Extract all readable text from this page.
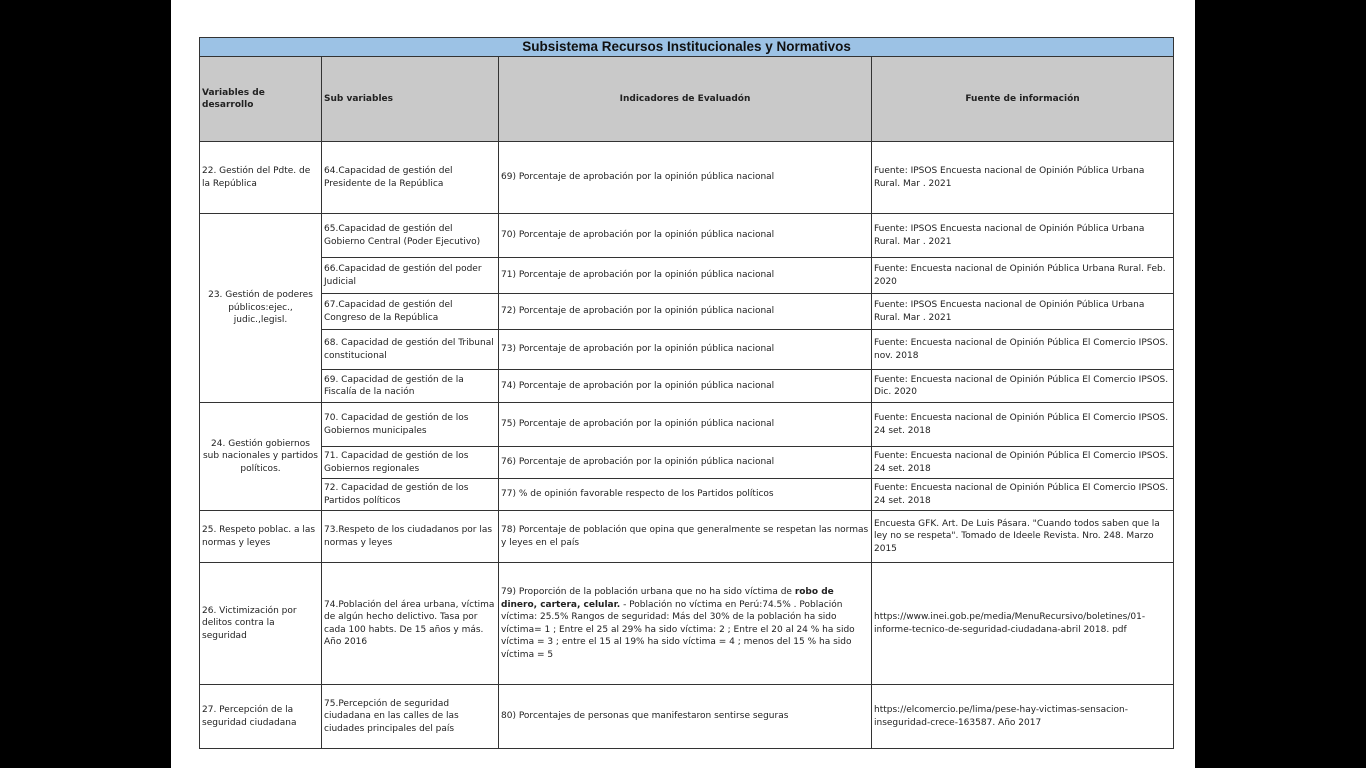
Subsistema Recursos Institucionales y Normativos			
Variables de desarrollo	Sub variables	Indicadores de Evaluadón	Fuente de información
22. Gestión del Pdte. de la República	64.Capacidad de gestión del Presidente de la República	69) Porcentaje de aprobación por la opinión pública nacional	Fuente: IPSOS Encuesta nacional de Opinión Pública Urbana Rural. Mar . 2021
23. Gestión de poderes públicos:ejec., judic.,legisl.	65.Capacidad de gestión del Gobierno Central (Poder Ejecutivo)	70) Porcentaje de aprobación por la opinión pública nacional	Fuente: IPSOS Encuesta nacional de Opinión Pública Urbana Rural. Mar . 2021
	66.Capacidad de gestión del poder Judicial	71) Porcentaje de aprobación por la opinión pública nacional	Fuente: Encuesta nacional de Opinión Pública Urbana Rural. Feb. 2020
	67.Capacidad de gestión del Congreso de la República	72) Porcentaje de aprobación por la opinión pública nacional	Fuente: IPSOS Encuesta nacional de Opinión Pública Urbana Rural. Mar . 2021
	68. Capacidad de gestión del Tribunal constitucional	73) Porcentaje de aprobación por la opinión pública nacional	Fuente: Encuesta nacional de Opinión Pública El Comercio IPSOS. nov. 2018
	69. Capacidad de gestión de la Fiscalía de la nación	74) Porcentaje de aprobación por la opinión pública nacional	Fuente: Encuesta nacional de Opinión Pública El Comercio IPSOS. Dic. 2020
24. Gestión gobiernos sub nacionales y partidos políticos.	70. Capacidad de gestión de los Gobiernos municipales	75) Porcentaje de aprobación por la opinión pública nacional	Fuente: Encuesta nacional de Opinión Pública El Comercio IPSOS. 24 set. 2018
	71. Capacidad de gestión de los Gobiernos regionales	76) Porcentaje de aprobación por la opinión pública nacional	Fuente: Encuesta nacional de Opinión Pública El Comercio IPSOS. 24 set. 2018
	72. Capacidad de gestión de los Partidos políticos	77) % de opinión favorable respecto de los Partidos políticos	Fuente: Encuesta nacional de Opinión Pública El Comercio IPSOS. 24 set. 2018
25. Respeto poblac. a las normas y leyes	73.Respeto de los ciudadanos por las normas y leyes	78) Porcentaje de población que opina que generalmente se respetan las normas y leyes en el país	Encuesta GFK. Art. De Luis Pásara. "Cuando todos saben que la ley no se respeta". Tomado de Ideele Revista. Nro. 248. Marzo 2015
26. Victimización por delitos contra la seguridad	74.Población del área urbana, víctima de algún hecho delictivo. Tasa por cada 100 habts. De 15 años y más. Año 2016	79) Proporción de la población urbana que no ha sido víctima de robo de dinero, cartera, celular. - Población no víctima en Perú:74.5% . Población víctima: 25.5% Rangos de seguridad: Más del 30% de la población ha sido víctima= 1 ; Entre el 25 al 29% ha sido víctima: 2 ; Entre el 20 al 24 % ha sido víctima = 3 ; entre el 15 al 19% ha sido víctima = 4 ; menos del 15 % ha sido víctima = 5	https://www.inei.gob.pe/media/MenuRecursivo/boletines/01-informe-tecnico-de-seguridad-ciudadana-abril 2018. pdf
27. Percepción de la seguridad ciudadana	75.Percepción de seguridad ciudadana en las calles de las ciudades principales del país	80) Porcentajes de personas que manifestaron sentirse seguras	https://elcomercio.pe/lima/pese-hay-victimas-sensacion-inseguridad-crece-163587. Año 2017
